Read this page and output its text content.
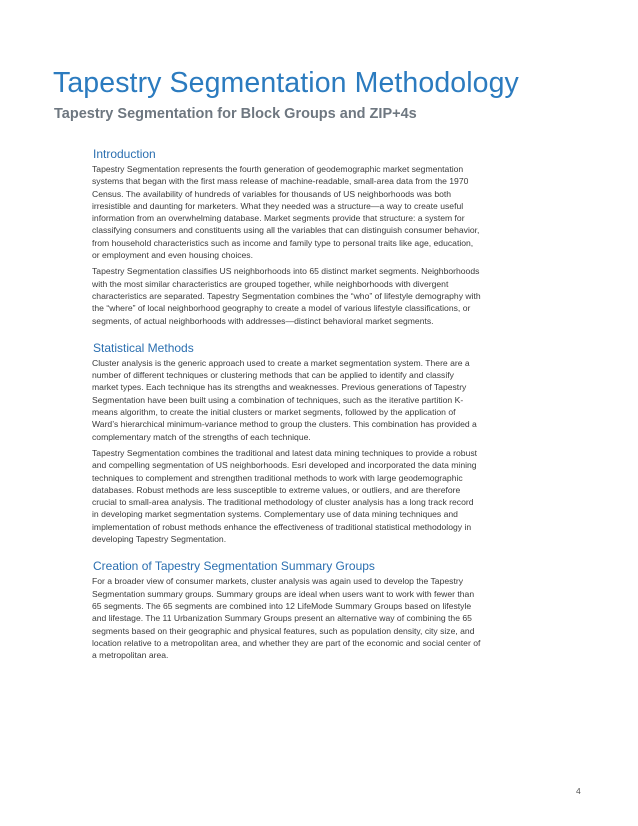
Tapestry Segmentation Methodology
Tapestry Segmentation for Block Groups and ZIP+4s
Introduction

Tapestry Segmentation represents the fourth generation of geodemographic market segmentation systems that began with the first mass release of machine-readable, small-area data from the 1970 Census. The availability of hundreds of variables for thousands of US neighborhoods was both irresistible and daunting for marketers. What they needed was a structure—a way to create useful information from an overwhelming database. Market segments provide that structure: a system for classifying consumers and constituents using all the variables that can distinguish consumer behavior, from household characteristics such as income and family type to personal traits like age, education, or employment and even housing choices.

Tapestry Segmentation classifies US neighborhoods into 65 distinct market segments. Neighborhoods with the most similar characteristics are grouped together, while neighborhoods with divergent characteristics are separated. Tapestry Segmentation combines the “who” of lifestyle demography with the “where” of local neighborhood geography to create a model of various lifestyle classifications, or segments, of actual neighborhoods with addresses—distinct behavioral market segments.

Statistical Methods

Cluster analysis is the generic approach used to create a market segmentation system. There are a number of different techniques or clustering methods that can be applied to identify and classify market types. Each technique has its strengths and weaknesses. Previous generations of Tapestry Segmentation have been built using a combination of techniques, such as the iterative partition K-means algorithm, to create the initial clusters or market segments, followed by the application of Ward’s hierarchical minimum-variance method to group the clusters. This combination has provided a complementary match of the strengths of each technique.

Tapestry Segmentation combines the traditional and latest data mining techniques to provide a robust and compelling segmentation of US neighborhoods. Esri developed and incorporated the data mining techniques to complement and strengthen traditional methods to work with large geodemographic databases. Robust methods are less susceptible to extreme values, or outliers, and are therefore crucial to small-area analysis. The traditional methodology of cluster analysis has a long track record in developing market segmentation systems. Complementary use of data mining techniques and implementation of robust methods enhance the effectiveness of traditional statistical methodology in developing Tapestry Segmentation.

Creation of Tapestry Segmentation Summary Groups

For a broader view of consumer markets, cluster analysis was again used to develop the Tapestry Segmentation summary groups. Summary groups are ideal when users want to work with fewer than 65 segments. The 65 segments are combined into 12 LifeMode Summary Groups based on lifestyle and lifestage. The 11 Urbanization Summary Groups present an alternative way of combining the 65 segments based on their geographic and physical features, such as population density, city size, and location relative to a metropolitan area, and whether they are part of the economic and social center of a metropolitan area.

4
